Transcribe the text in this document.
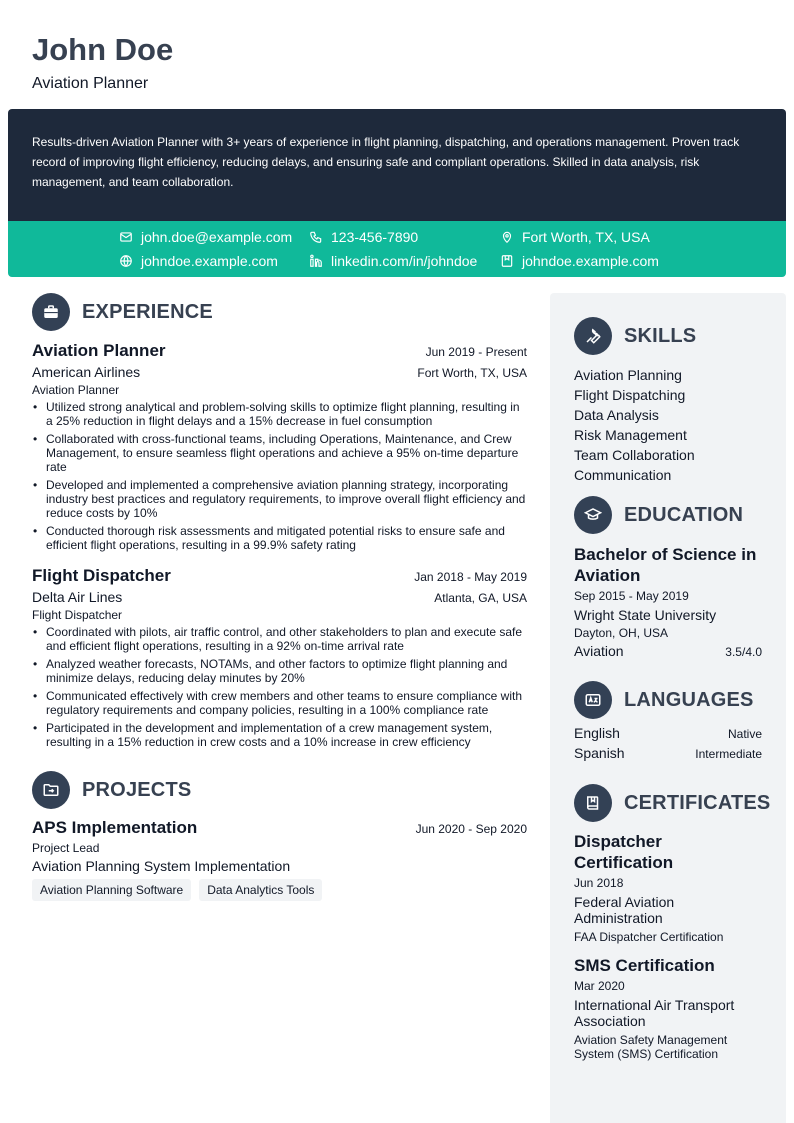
John Doe
Aviation Planner
Results-driven Aviation Planner with 3+ years of experience in flight planning, dispatching, and operations management. Proven track record of improving flight efficiency, reducing delays, and ensuring safe and compliant operations. Skilled in data analysis, risk management, and team collaboration.
john.doe@example.com	123-456-7890	Fort Worth, TX, USA
johndoe.example.com	linkedin.com/in/johndoe	johndoe.example.com
EXPERIENCE
Aviation Planner	Jun 2019 - Present
American Airlines	Fort Worth, TX, USA
Aviation Planner
• Utilized strong analytical and problem-solving skills to optimize flight planning, resulting in a 25% reduction in flight delays and a 15% decrease in fuel consumption
• Collaborated with cross-functional teams, including Operations, Maintenance, and Crew Management, to ensure seamless flight operations and achieve a 95% on-time departure rate
• Developed and implemented a comprehensive aviation planning strategy, incorporating industry best practices and regulatory requirements, to improve overall flight efficiency and reduce costs by 10%
• Conducted thorough risk assessments and mitigated potential risks to ensure safe and efficient flight operations, resulting in a 99.9% safety rating
Flight Dispatcher	Jan 2018 - May 2019
Delta Air Lines	Atlanta, GA, USA
Flight Dispatcher
• Coordinated with pilots, air traffic control, and other stakeholders to plan and execute safe and efficient flight operations, resulting in a 92% on-time arrival rate
• Analyzed weather forecasts, NOTAMs, and other factors to optimize flight planning and minimize delays, reducing delay minutes by 20%
• Communicated effectively with crew members and other teams to ensure compliance with regulatory requirements and company policies, resulting in a 100% compliance rate
• Participated in the development and implementation of a crew management system, resulting in a 15% reduction in crew costs and a 10% increase in crew efficiency
PROJECTS
APS Implementation	Jun 2020 - Sep 2020
Project Lead
Aviation Planning System Implementation
Aviation Planning Software	Data Analytics Tools
SKILLS
Aviation Planning
Flight Dispatching
Data Analysis
Risk Management
Team Collaboration
Communication
EDUCATION
Bachelor of Science in Aviation
Sep 2015 - May 2019
Wright State University
Dayton, OH, USA
Aviation	3.5/4.0
LANGUAGES
English	Native
Spanish	Intermediate
CERTIFICATES
Dispatcher Certification
Jun 2018
Federal Aviation Administration
FAA Dispatcher Certification
SMS Certification
Mar 2020
International Air Transport Association
Aviation Safety Management System (SMS) Certification
